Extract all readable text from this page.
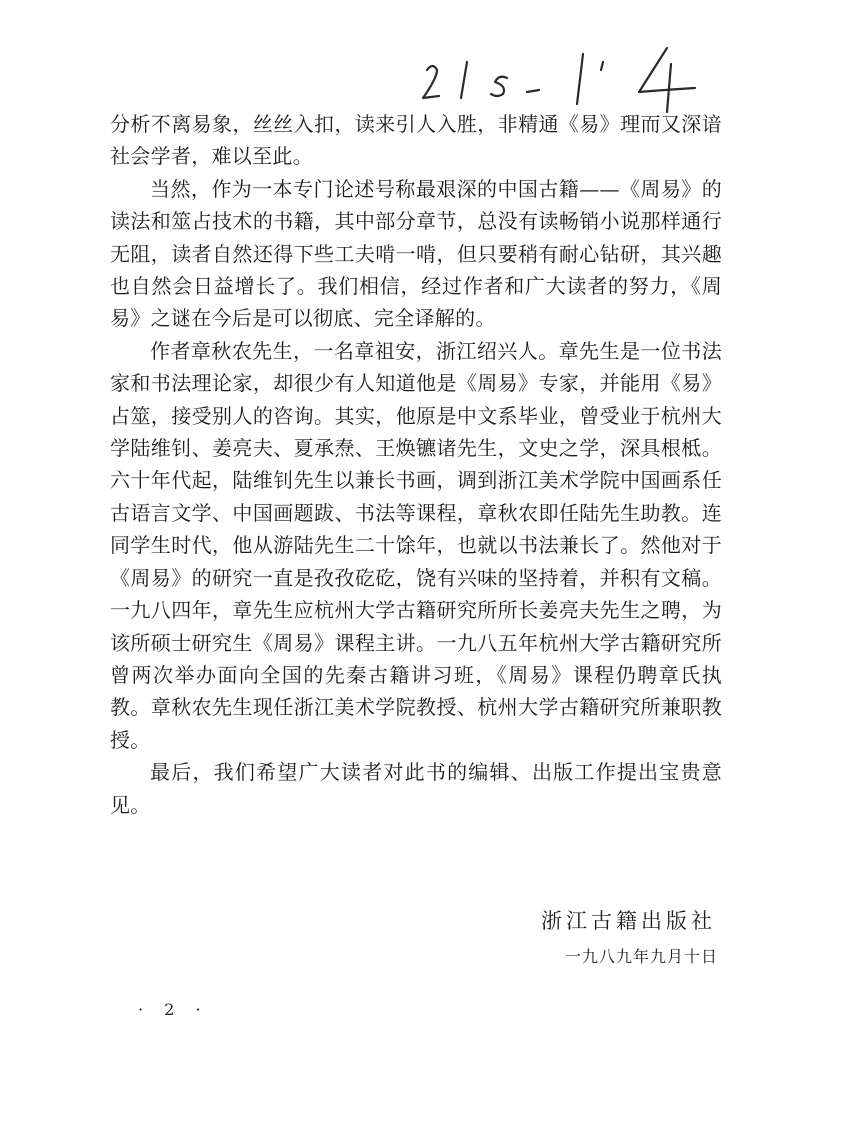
分析不离易象，丝丝入扣，读来引人入胜，非精通《易》理而又深谙社会学者，难以至此。

当然，作为一本专门论述号称最艰深的中国古籍——《周易》的读法和筮占技术的书籍，其中部分章节，总没有读畅销小说那样通行无阻，读者自然还得下些工夫啃一啃，但只要稍有耐心钻研，其兴趣也自然会日益增长了。我们相信，经过作者和广大读者的努力，《周易》之谜在今后是可以彻底、完全译解的。

作者章秋农先生，一名章祖安，浙江绍兴人。章先生是一位书法家和书法理论家，却很少有人知道他是《周易》专家，并能用《易》占筮，接受别人的咨询。其实，他原是中文系毕业，曾受业于杭州大学陆维钊、姜亮夫、夏承焘、王焕镳诸先生，文史之学，深具根柢。六十年代起，陆维钊先生以兼长书画，调到浙江美术学院中国画系任古语言文学、中国画题跋、书法等课程，章秋农即任陆先生助教。连同学生时代，他从游陆先生二十馀年，也就以书法兼长了。然他对于《周易》的研究一直是孜孜矻矻，饶有兴味的坚持着，并积有文稿。一九八四年，章先生应杭州大学古籍研究所所长姜亮夫先生之聘，为该所硕士研究生《周易》课程主讲。一九八五年杭州大学古籍研究所曾两次举办面向全国的先秦古籍讲习班，《周易》课程仍聘章氏执教。章秋农先生现任浙江美术学院教授、杭州大学古籍研究所兼职教授。

最后，我们希望广大读者对此书的编辑、出版工作提出宝贵意见。

浙江古籍出版社
一九八九年九月十日
· 2 ·
